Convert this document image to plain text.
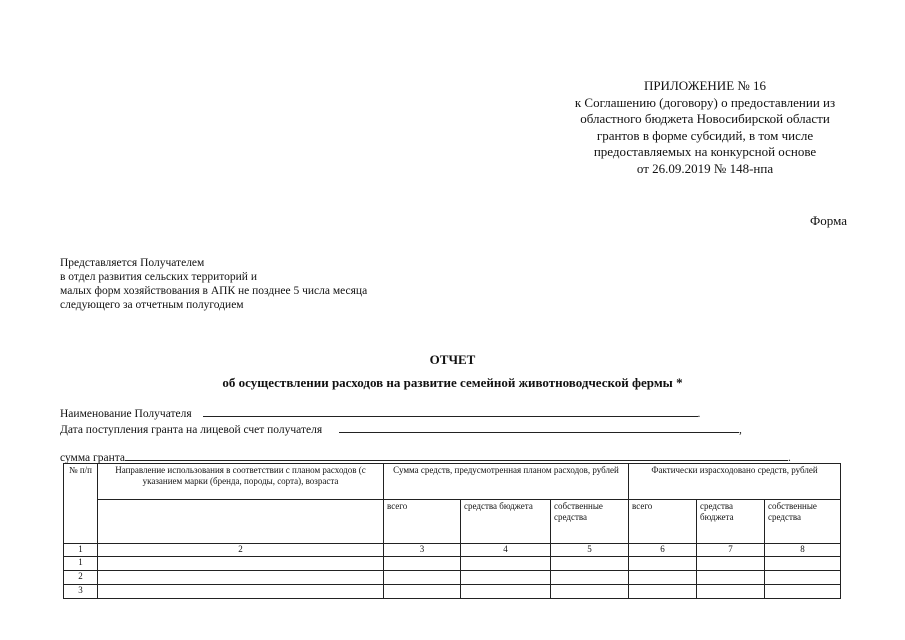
ПРИЛОЖЕНИЕ № 16
к Соглашению (договору) о предоставлении из
областного бюджета Новосибирской области
грантов в форме субсидий, в том числе
предоставляемых на конкурсной основе
от 26.09.2019 № 148-нпа
Форма
Представляется Получателем
в отдел развития сельских территорий и
малых форм хозяйствования в АПК не позднее 5 числа месяца
следующего за отчетным полугодием
ОТЧЕТ
об осуществлении расходов на развитие семейной животноводческой фермы *
Наименование Получателя	.
Дата поступления гранта на лицевой счет получателя	,
сумма гранта	.
№ п/п	Направление использования в соответствии с планом расходов (с указанием марки (бренда, породы, сорта), возраста	Сумма средств, предусмотренная планом расходов, рублей			Фактически израсходовано средств, рублей		
		всего	средства бюджета	собственные средства	всего	средства бюджета	собственные средства
1	2	3	4	5	6	7	8
1							
2							
3							
